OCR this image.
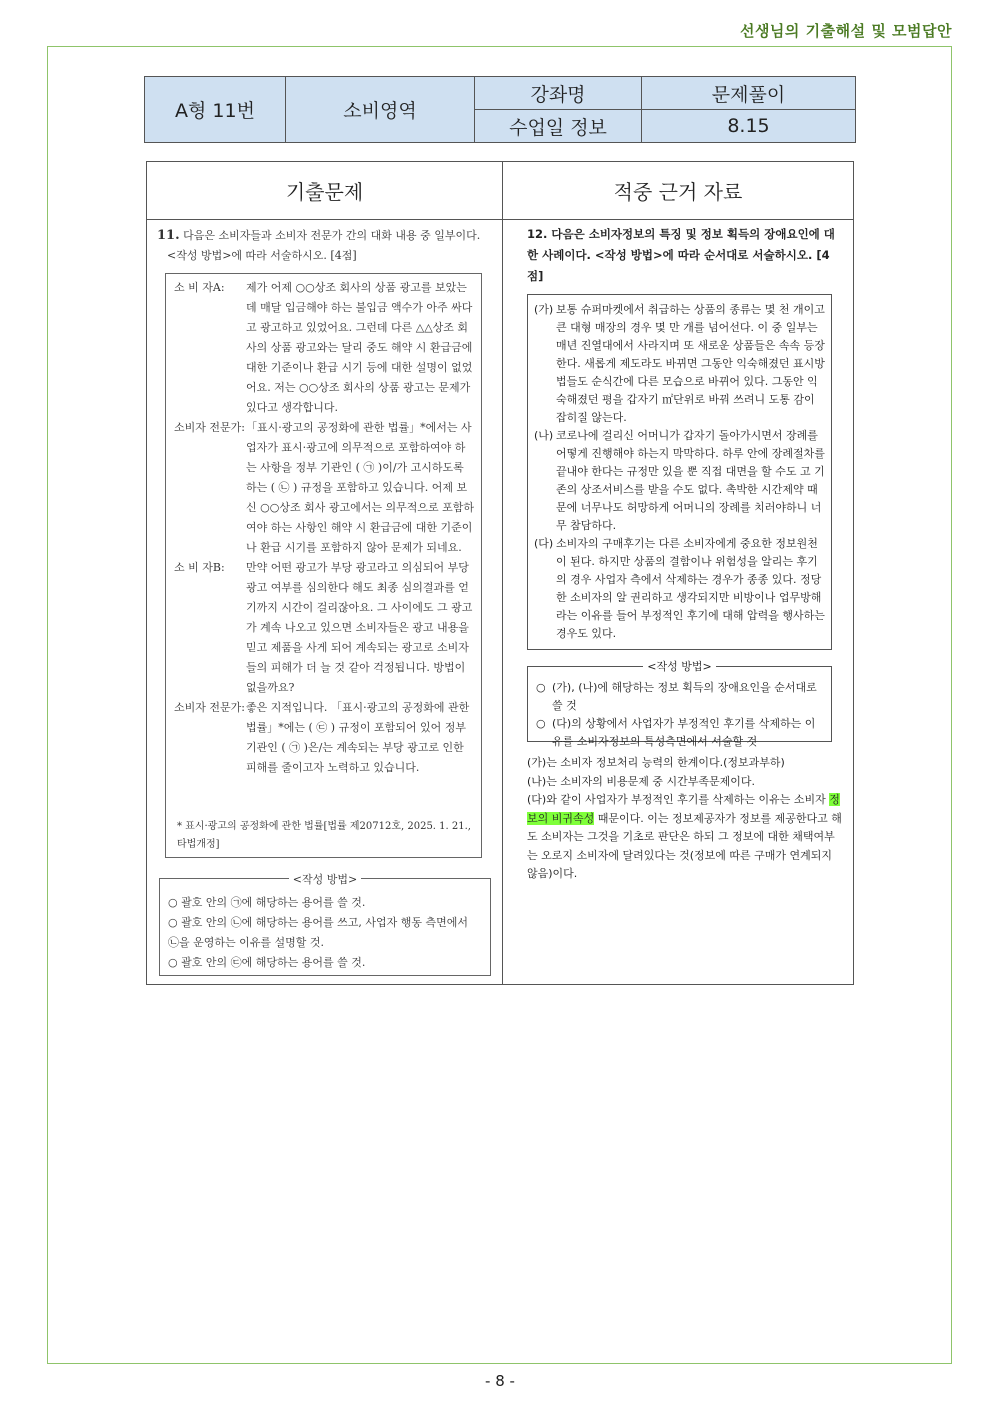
선생님의 기출해설 및 모범답안
A형 11번	소비영역	강좌명	문제풀이
		수업일 정보	8.15
기출문제	적중 근거 자료
11. 다음은 소비자들과 소비자 전문가 간의 대화 내용 중 일부이다.
<작성 방법>에 따라 서술하시오. [4점]
소 비 자A:	제가 어제 ○○상조 회사의 상품 광고를 보았는데 매달 입금해야 하는 불입금 액수가 아주 싸다고 광고하고 있었어요. 그런데 다른 △△상조 회사의 상품 광고와는 달리 중도 해약 시 환급금에 대한 기준이나 환급 시기 등에 대한 설명이 없었어요. 저는 ○○상조 회사의 상품 광고는 문제가 있다고 생각합니다.
소비자 전문가: 「표시·광고의 공정화에 관한 법률」*에서는 사업자가 표시·광고에 의무적으로 포함하여야 하는 사항을 정부 기관인 ( ㉠ )이/가 고시하도록 하는 ( ㉡ ) 규정을 포함하고 있습니다. 어제 보신 ○○상조 회사 광고에서는 의무적으로 포함하여야 하는 사항인 해약 시 환급금에 대한 기준이나 환급 시기를 포함하지 않아 문제가 되네요.
소 비 자B:	만약 어떤 광고가 부당 광고라고 의심되어 부당 광고 여부를 심의한다 해도 최종 심의결과를 얻기까지 시간이 걸리잖아요. 그 사이에도 그 광고가 계속 나오고 있으면 소비자들은 광고 내용을 믿고 제품을 사게 되어 계속되는 광고로 소비자들의 피해가 더 늘 것 같아 걱정됩니다. 방법이 없을까요?
소비자 전문가: 좋은 지적입니다. 「표시·광고의 공정화에 관한 법률」*에는 ( ㉢ ) 규정이 포함되어 있어 정부 기관인 ( ㉠ )은/는 계속되는 부당 광고로 인한 피해를 줄이고자 노력하고 있습니다.
* 표시·광고의 공정화에 관한 법률[법률 제20712호, 2025. 1. 21., 타법개정]
<작성 방법>
○ 괄호 안의 ㉠에 해당하는 용어를 쓸 것.
○ 괄호 안의 ㉡에 해당하는 용어를 쓰고, 사업자 행동 측면에서 ㉡을 운영하는 이유를 설명할 것.
○ 괄호 안의 ㉢에 해당하는 용어를 쓸 것.
12. 다음은 소비자정보의 특징 및 정보 획득의 장애요인에 대한 사례이다. <작성 방법>에 따라 순서대로 서술하시오. [4점]
(가) 보통 슈퍼마켓에서 취급하는 상품의 종류는 몇 천 개이고 큰 대형 매장의 경우 몇 만 개를 넘어선다. 이 중 일부는 매년 진열대에서 사라지며 또 새로운 상품들은 속속 등장한다. 새롭게 제도라도 바뀌면 그동안 익숙해졌던 표시방법들도 순식간에 다른 모습으로 바뀌어 있다. 그동안 익숙해졌던 평을 갑자기 ㎡단위로 바꿔 쓰려니 도통 감이 잡히질 않는다.
(나) 코로나에 걸리신 어머니가 갑자기 돌아가시면서 장례를 어떻게 진행해야 하는지 막막하다. 하루 안에 장례절차를 끝내야 한다는 규정만 있을 뿐 직접 대면을 할 수도 고 기존의 상조서비스를 받을 수도 없다. 촉박한 시간제약 때문에 너무나도 허망하게 어머니의 장례를 치러야하니 너무 참담하다.
(다) 소비자의 구매후기는 다른 소비자에게 중요한 정보원천이 된다. 하지만 상품의 결함이나 위험성을 알리는 후기의 경우 사업자 측에서 삭제하는 경우가 종종 있다. 정당한 소비자의 알 권리하고 생각되지만 비방이나 업무방해라는 이유를 들어 부정적인 후기에 대해 압력을 행사하는 경우도 있다.
<작성 방법>
○ (가), (나)에 해당하는 정보 획득의 장애요인을 순서대로 쓸 것
○ (다)의 상황에서 사업자가 부정적인 후기를 삭제하는 이유를 소비자정보의 특성측면에서 서술할 것
(가)는 소비자 정보처리 능력의 한계이다.(정보과부하)
(나)는 소비자의 비용문제 중 시간부족문제이다.
(다)와 같이 사업자가 부정적인 후기를 삭제하는 이유는 소비자 정보의 비귀속성 때문이다. 이는 정보제공자가 정보를 제공한다고 해도 소비자는 그것을 기초로 판단은 하되 그 정보에 대한 채택여부는 오로지 소비자에 달려있다는 것(정보에 따른 구매가 연계되지 않음)이다.
- 8 -
